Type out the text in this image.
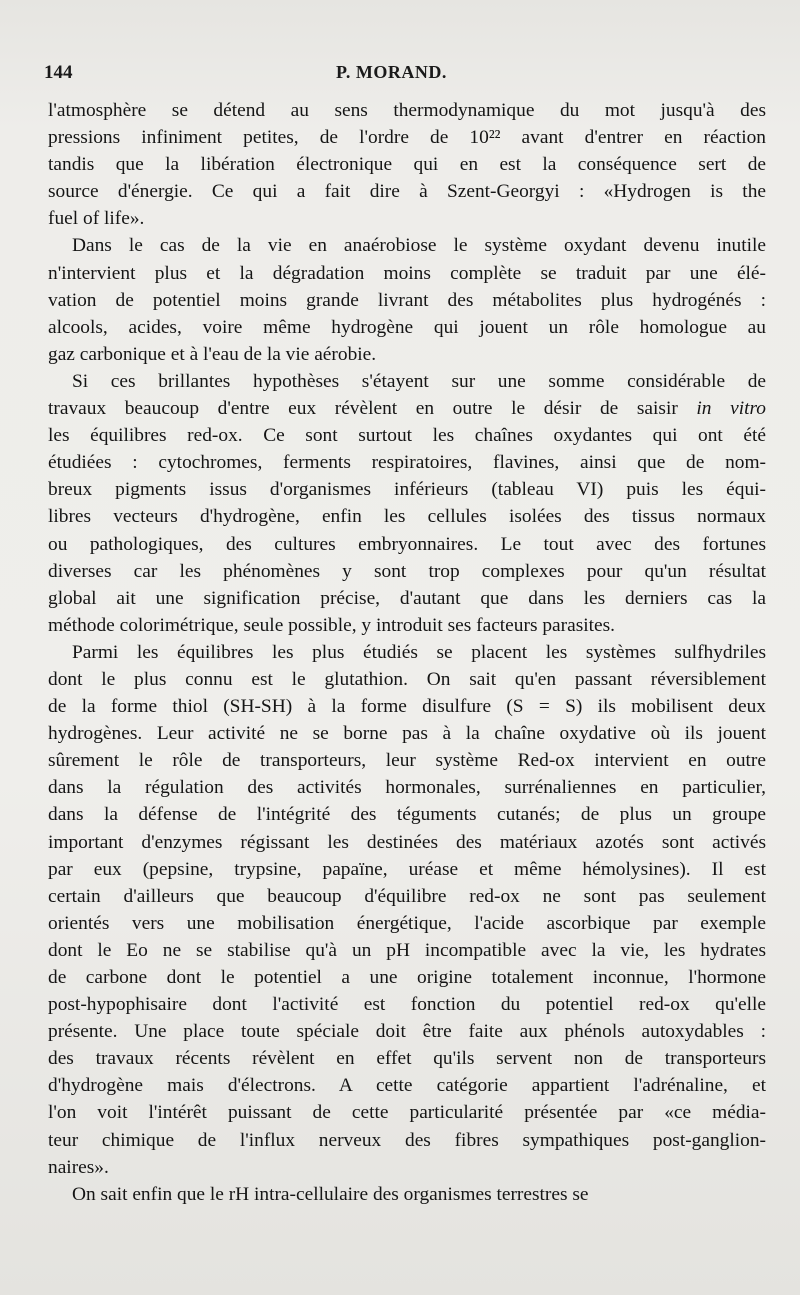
144	P. MORAND.

l'atmosphère se détend au sens thermodynamique du mot jusqu'à des
pressions infiniment petites, de l'ordre de 10²² avant d'entrer en réaction
tandis que la libération électronique qui en est la conséquence sert de
source d'énergie. Ce qui a fait dire à Szent-Georgyi : «Hydrogen is the
fuel of life».

Dans le cas de la vie en anaérobiose le système oxydant devenu inutile
n'intervient plus et la dégradation moins complète se traduit par une élé-
vation de potentiel moins grande livrant des métabolites plus hydrogénés :
alcools, acides, voire même hydrogène qui jouent un rôle homologue au
gaz carbonique et à l'eau de la vie aérobie.

Si ces brillantes hypothèses s'étayent sur une somme considérable de
travaux beaucoup d'entre eux révèlent en outre le désir de saisir in vitro
les équilibres red-ox. Ce sont surtout les chaînes oxydantes qui ont été
étudiées : cytochromes, ferments respiratoires, flavines, ainsi que de nom-
breux pigments issus d'organismes inférieurs (tableau VI) puis les équi-
libres vecteurs d'hydrogène, enfin les cellules isolées des tissus normaux
ou pathologiques, des cultures embryonnaires. Le tout avec des fortunes
diverses car les phénomènes y sont trop complexes pour qu'un résultat
global ait une signification précise, d'autant que dans les derniers cas la
méthode colorimétrique, seule possible, y introduit ses facteurs parasites.

Parmi les équilibres les plus étudiés se placent les systèmes sulfhydriles
dont le plus connu est le glutathion. On sait qu'en passant réversiblement
de la forme thiol (SH-SH) à la forme disulfure (S = S) ils mobilisent deux
hydrogènes. Leur activité ne se borne pas à la chaîne oxydative où ils jouent
sûrement le rôle de transporteurs, leur système Red-ox intervient en outre
dans la régulation des activités hormonales, surrénaliennes en particulier,
dans la défense de l'intégrité des téguments cutanés; de plus un groupe
important d'enzymes régissant les destinées des matériaux azotés sont activés
par eux (pepsine, trypsine, papaïne, uréase et même hémolysines). Il est
certain d'ailleurs que beaucoup d'équilibre red-ox ne sont pas seulement
orientés vers une mobilisation énergétique, l'acide ascorbique par exemple
dont le Eo ne se stabilise qu'à un pH incompatible avec la vie, les hydrates
de carbone dont le potentiel a une origine totalement inconnue, l'hormone
post-hypophisaire dont l'activité est fonction du potentiel red-ox qu'elle
présente. Une place toute spéciale doit être faite aux phénols autoxydables :
des travaux récents révèlent en effet qu'ils servent non de transporteurs
d'hydrogène mais d'électrons. A cette catégorie appartient l'adrénaline, et
l'on voit l'intérêt puissant de cette particularité présentée par «ce média-
teur chimique de l'influx nerveux des fibres sympathiques post-ganglion-
naires».

On sait enfin que le rH intra-cellulaire des organismes terrestres se
